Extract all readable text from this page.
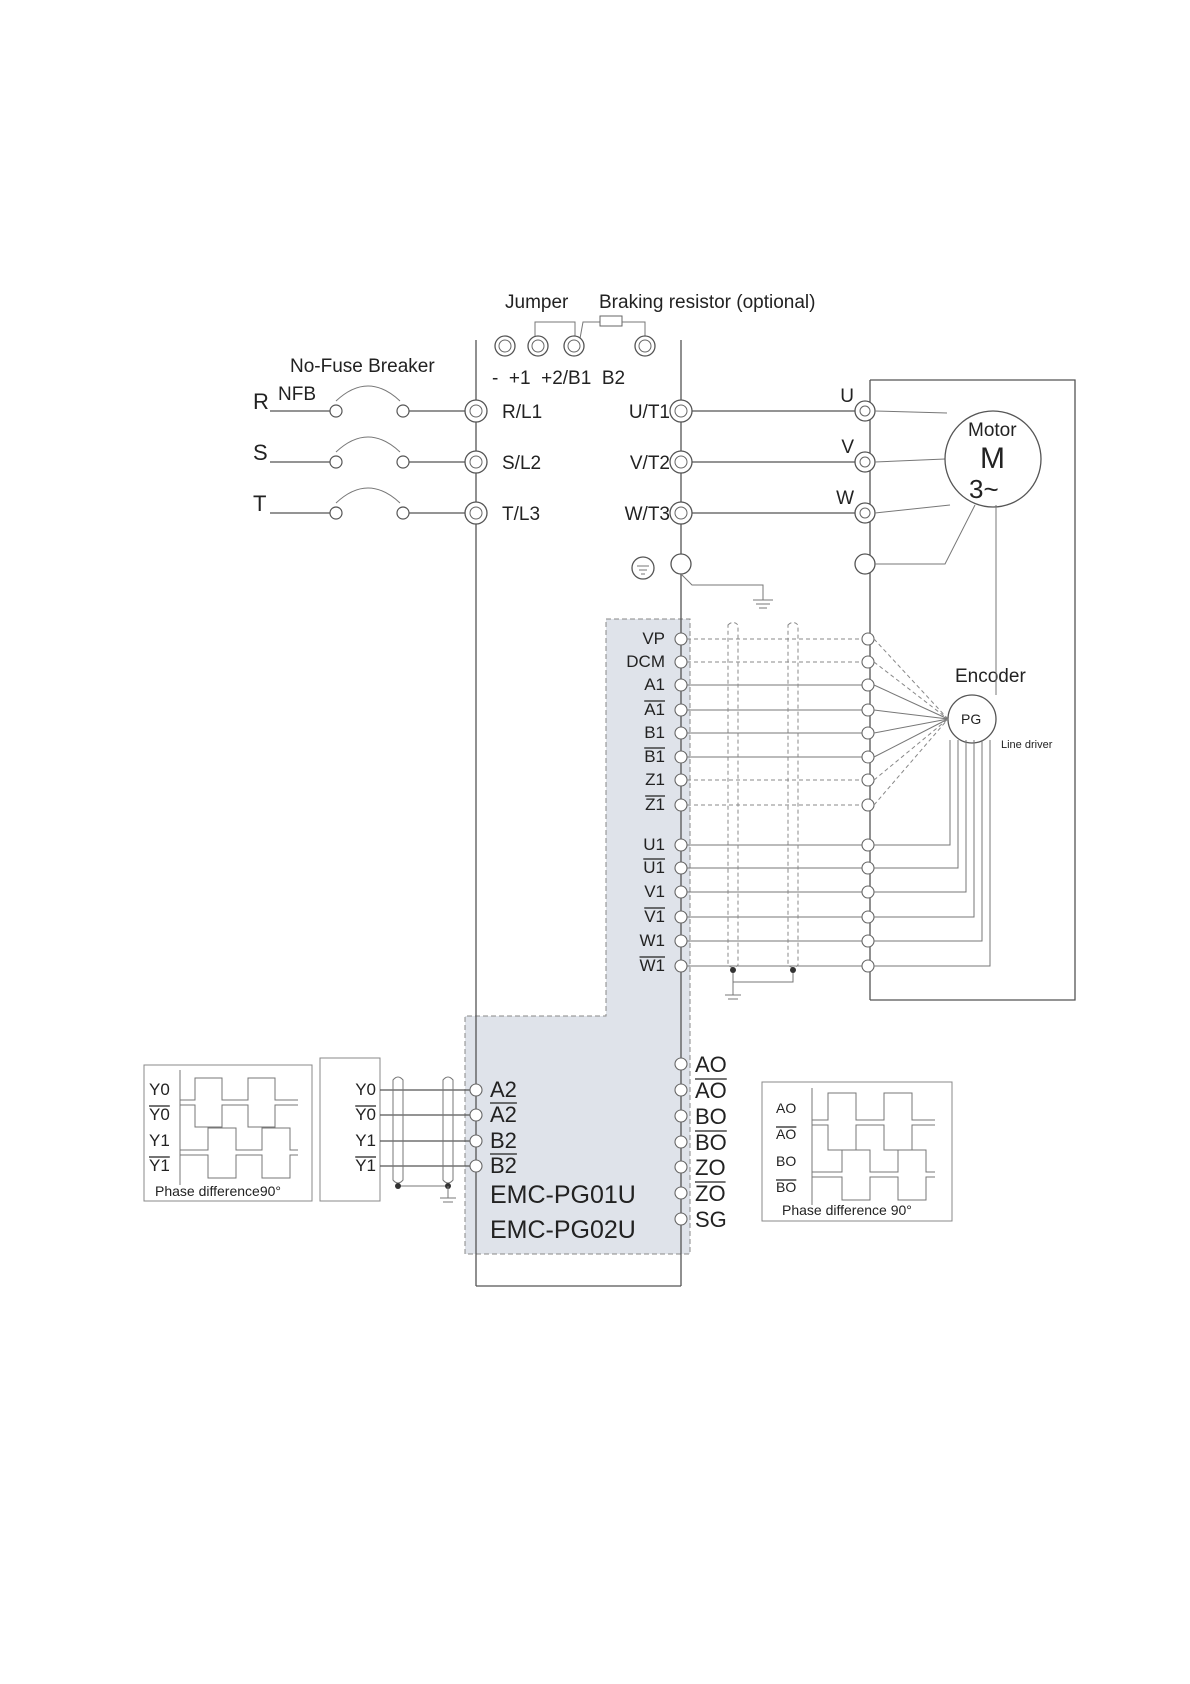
Jumper Braking resistor (optional)
-  +1  +2/B1  B2
No-Fuse Breaker
NFB
R	R/L1	U/T1
U
S	S/L2	V/T2
V
T	T/L3	W/T3
W
Motor
M
3~
Encoder
PG
Line driver
VP
DCM
A1
A1
B1
B1
Z1
Z1
U1
U1
V1
V1
W1
W1
Y0	Y0
Y0	Y0
Y1	Y1
Y1	Y1
Phase difference90°
A2
A2
B2
B2
EMC-PG01U
EMC-PG02U
AO
AO
BO
BO
ZO
ZO
SG
AO
AO
BO
BO
Phase difference 90°
